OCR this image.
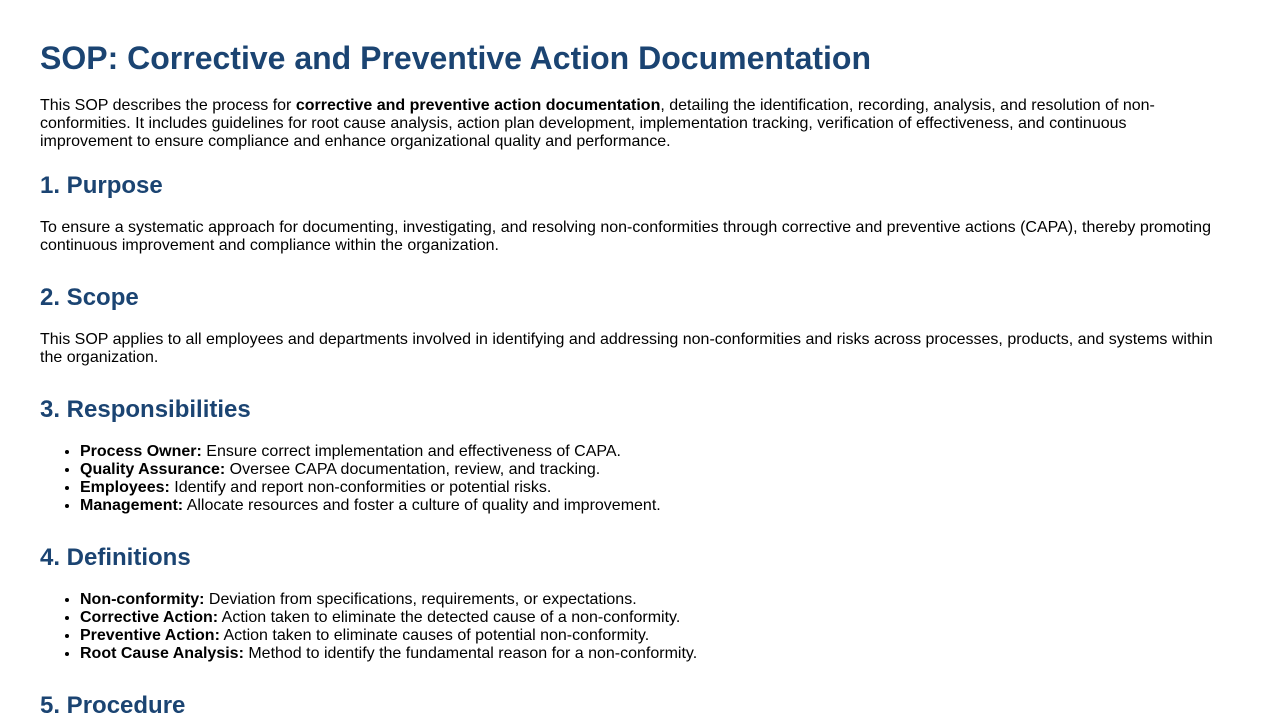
SOP: Corrective and Preventive Action Documentation

This SOP describes the process for corrective and preventive action documentation, detailing the identification, recording, analysis, and resolution of non-conformities. It includes guidelines for root cause analysis, action plan development, implementation tracking, verification of effectiveness, and continuous improvement to ensure compliance and enhance organizational quality and performance.

1. Purpose

To ensure a systematic approach for documenting, investigating, and resolving non-conformities through corrective and preventive actions (CAPA), thereby promoting continuous improvement and compliance within the organization.

2. Scope

This SOP applies to all employees and departments involved in identifying and addressing non-conformities and risks across processes, products, and systems within the organization.

3. Responsibilities
• Process Owner: Ensure correct implementation and effectiveness of CAPA.
• Quality Assurance: Oversee CAPA documentation, review, and tracking.
• Employees: Identify and report non-conformities or potential risks.
• Management: Allocate resources and foster a culture of quality and improvement.
4. Definitions
• Non-conformity: Deviation from specifications, requirements, or expectations.
• Corrective Action: Action taken to eliminate the detected cause of a non-conformity.
• Preventive Action: Action taken to eliminate causes of potential non-conformity.
• Root Cause Analysis: Method to identify the fundamental reason for a non-conformity.
5. Procedure
